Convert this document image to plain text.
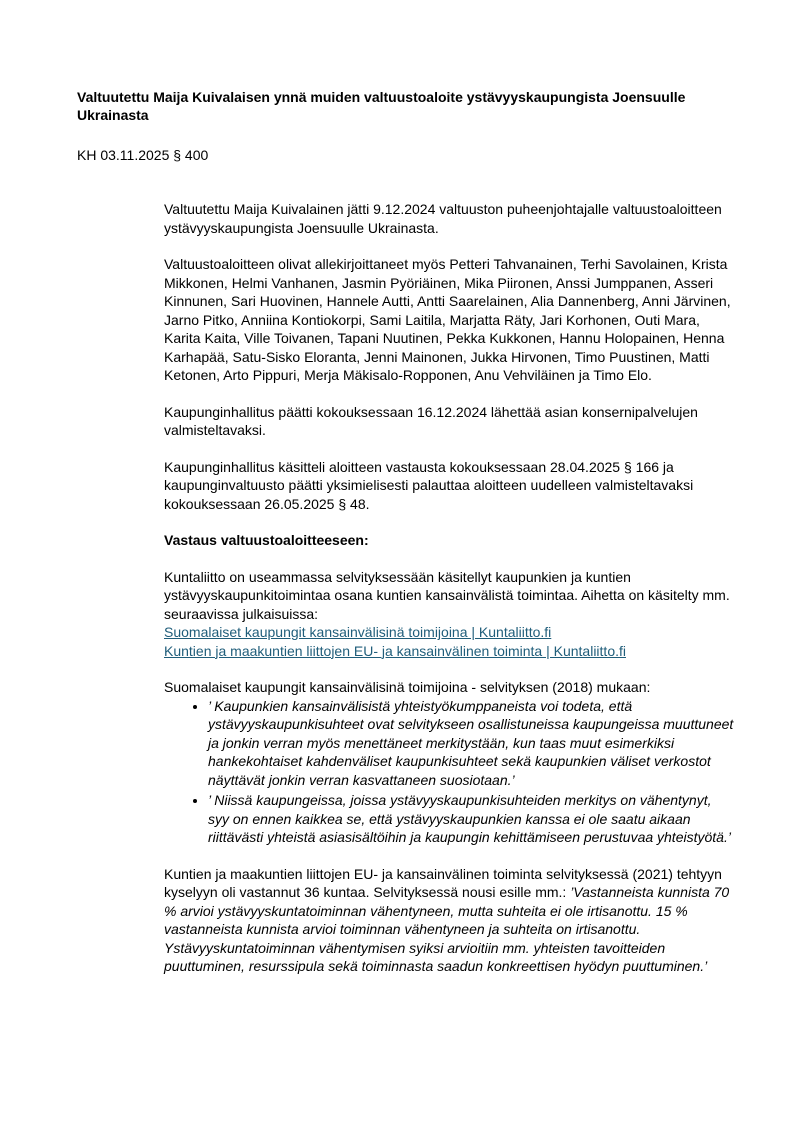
Valtuutettu Maija Kuivalaisen ynnä muiden valtuustoaloite ystävyyskaupungista Joensuulle Ukrainasta

KH 03.11.2025 § 400

Valtuutettu Maija Kuivalainen jätti 9.12.2024 valtuuston puheenjohtajalle valtuustoaloitteen ystävyyskaupungista Joensuulle Ukrainasta.

Valtuustoaloitteen olivat allekirjoittaneet myös Petteri Tahvanainen, Terhi Savolainen, Krista Mikkonen, Helmi Vanhanen, Jasmin Pyöriäinen, Mika Piironen, Anssi Jumppanen, Asseri Kinnunen, Sari Huovinen, Hannele Autti, Antti Saarelainen, Alia Dannenberg, Anni Järvinen, Jarno Pitko, Anniina Kontiokorpi, Sami Laitila, Marjatta Räty, Jari Korhonen, Outi Mara, Karita Kaita, Ville Toivanen, Tapani Nuutinen, Pekka Kukkonen, Hannu Holopainen, Henna Karhapää, Satu-Sisko Eloranta, Jenni Mainonen, Jukka Hirvonen, Timo Puustinen, Matti Ketonen, Arto Pippuri, Merja Mäkisalo-Ropponen, Anu Vehviläinen ja Timo Elo.

Kaupunginhallitus päätti kokouksessaan 16.12.2024 lähettää asian konsernipalvelujen valmisteltavaksi.

Kaupunginhallitus käsitteli aloitteen vastausta kokouksessaan 28.04.2025 § 166 ja kaupunginvaltuusto päätti yksimielisesti palauttaa aloitteen uudelleen valmisteltavaksi kokouksessaan 26.05.2025 § 48.

Vastaus valtuustoaloitteeseen:

Kuntaliitto on useammassa selvityksessään käsitellyt kaupunkien ja kuntien ystävyyskaupunkitoimintaa osana kuntien kansainvälistä toimintaa. Aihetta on käsitelty mm. seuraavissa julkaisuissa:

Suomalaiset kaupungit kansainvälisinä toimijoina | Kuntaliitto.fi
Kuntien ja maakuntien liittojen EU- ja kansainvälinen toiminta | Kuntaliitto.fi

Suomalaiset kaupungit kansainvälisinä toimijoina - selvityksen (2018) mukaan:

• ’ Kaupunkien kansainvälisistä yhteistyökumppaneista voi todeta, että ystävyyskaupunkisuhteet ovat selvitykseen osallistuneissa kaupungeissa muuttuneet ja jonkin verran myös menettäneet merkitystään, kun taas muut esimerkiksi hankekohtaiset kahdenväliset kaupunkisuhteet sekä kaupunkien väliset verkostot näyttävät jonkin verran kasvattaneen suosiotaan.’
• ’ Niissä kaupungeissa, joissa ystävyyskaupunkisuhteiden merkitys on vähentynyt, syy on ennen kaikkea se, että ystävyyskaupunkien kanssa ei ole saatu aikaan riittävästi yhteistä asiasisältöihin ja kaupungin kehittämiseen perustuvaa yhteistyötä.’

Kuntien ja maakuntien liittojen EU- ja kansainvälinen toiminta selvityksessä (2021) tehtyyn kyselyyn oli vastannut 36 kuntaa. Selvityksessä nousi esille mm.: ’Vastanneista kunnista 70 % arvioi ystävyyskuntatoiminnan vähentyneen, mutta suhteita ei ole irtisanottu. 15 % vastanneista kunnista arvioi toiminnan vähentyneen ja suhteita on irtisanottu. Ystävyyskuntatoiminnan vähentymisen syiksi arvioitiin mm. yhteisten tavoitteiden puuttuminen, resurssipula sekä toiminnasta saadun konkreettisen hyödyn puuttuminen.’
